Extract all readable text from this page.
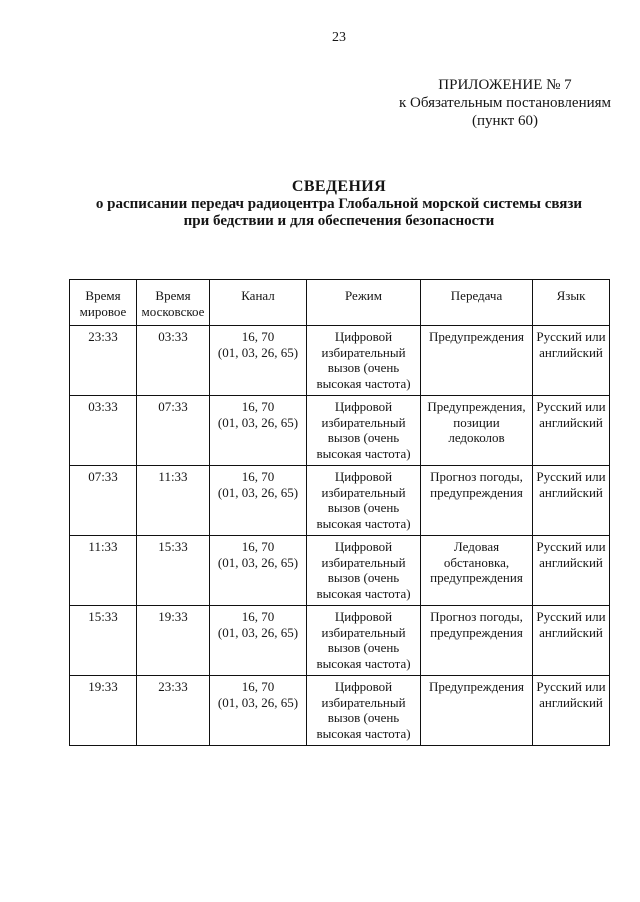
23
ПРИЛОЖЕНИЕ № 7
к Обязательным постановлениям
(пункт 60)
СВЕДЕНИЯ
о расписании передач радиоцентра Глобальной морской системы связи
при бедствии и для обеспечения безопасности
Время
мировое	Время
московское	Канал	Режим	Передача	Язык

23:33	03:33	16, 70
(01, 03, 26, 65)	Цифровой
избирательный
вызов (очень
высокая частота)	Предупреждения	Русский или
английский

03:33	07:33	16, 70
(01, 03, 26, 65)	Цифровой
избирательный
вызов (очень
высокая частота)	Предупреждения,
позиции
ледоколов	Русский или
английский

07:33	11:33	16, 70
(01, 03, 26, 65)	Цифровой
избирательный
вызов (очень
высокая частота)	Прогноз погоды,
предупреждения	Русский или
английский

11:33	15:33	16, 70
(01, 03, 26, 65)	Цифровой
избирательный
вызов (очень
высокая частота)	Ледовая
обстановка,
предупреждения	Русский или
английский

15:33	19:33	16, 70
(01, 03, 26, 65)	Цифровой
избирательный
вызов (очень
высокая частота)	Прогноз погоды,
предупреждения	Русский или
английский

19:33	23:33	16, 70
(01, 03, 26, 65)	Цифровой
избирательный
вызов (очень
высокая частота)	Предупреждения	Русский или
английский
